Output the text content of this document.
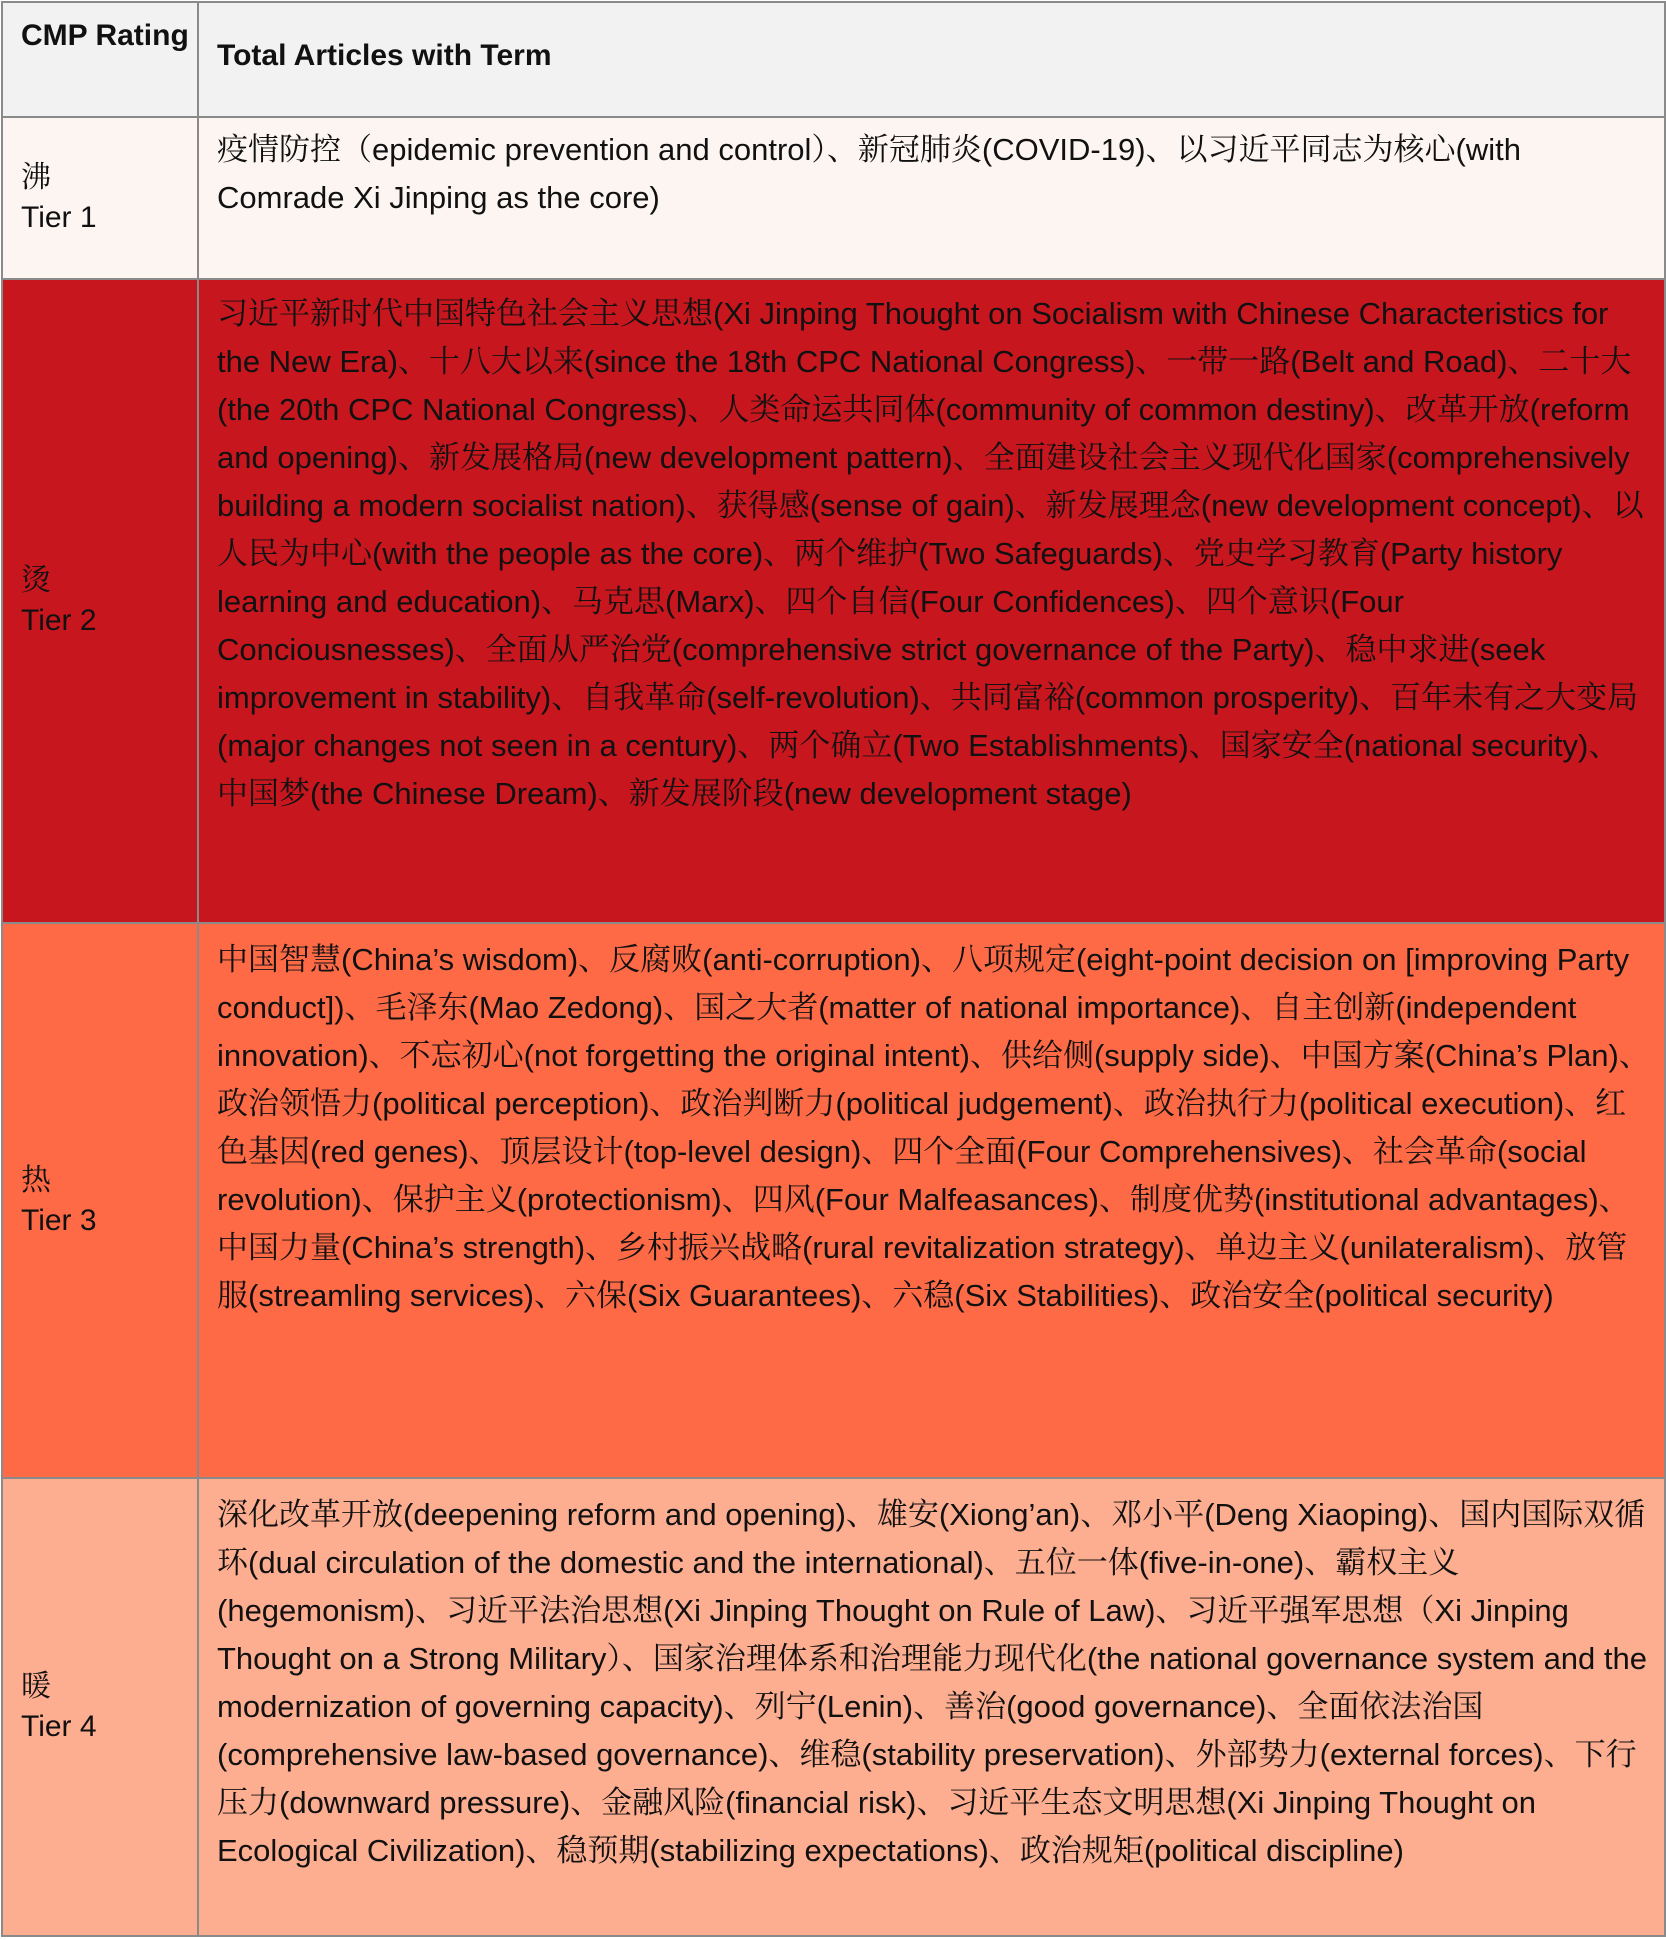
CMP Rating	Total Articles with Term

沸
Tier 1	疫情防控（epidemic prevention and control）、新冠肺炎(COVID-19)、以习近平同志为核心(with Comrade Xi Jinping as the core)

烫
Tier 2	习近平新时代中国特色社会主义思想(Xi Jinping Thought on Socialism with Chinese Characteristics for the New Era)、十八大以来(since the 18th CPC National Congress)、一带一路(Belt and Road)、二十大(the 20th CPC National Congress)、人类命运共同体(community of common destiny)、改革开放(reform and opening)、新发展格局(new development pattern)、全面建设社会主义现代化国家(comprehensively building a modern socialist nation)、获得感(sense of gain)、新发展理念(new development concept)、以人民为中心(with the people as the core)、两个维护(Two Safeguards)、党史学习教育(Party history learning and education)、马克思(Marx)、四个自信(Four Confidences)、四个意识(Four Conciousnesses)、全面从严治党(comprehensive strict governance of the Party)、稳中求进(seek improvement in stability)、自我革命(self-revolution)、共同富裕(common prosperity)、百年未有之大变局(major changes not seen in a century)、两个确立(Two Establishments)、国家安全(national security)、中国梦(the Chinese Dream)、新发展阶段(new development stage)

热
Tier 3	中国智慧(China’s wisdom)、反腐败(anti-corruption)、八项规定(eight-point decision on [improving Party conduct])、毛泽东(Mao Zedong)、国之大者(matter of national importance)、自主创新(independent innovation)、不忘初心(not forgetting the original intent)、供给侧(supply side)、中国方案(China’s Plan)、政治领悟力(political perception)、政治判断力(political judgement)、政治执行力(political execution)、红色基因(red genes)、顶层设计(top-level design)、四个全面(Four Comprehensives)、社会革命(social revolution)、保护主义(protectionism)、四风(Four Malfeasances)、制度优势(institutional advantages)、中国力量(China’s strength)、乡村振兴战略(rural revitalization strategy)、单边主义(unilateralism)、放管服(streamling services)、六保(Six Guarantees)、六稳(Six Stabilities)、政治安全(political security)

暖
Tier 4	深化改革开放(deepening reform and opening)、雄安(Xiong’an)、邓小平(Deng Xiaoping)、国内国际双循环(dual circulation of the domestic and the international)、五位一体(five-in-one)、霸权主义(hegemonism)、习近平法治思想(Xi Jinping Thought on Rule of Law)、习近平强军思想（Xi Jinping Thought on a Strong Military）、国家治理体系和治理能力现代化(the national governance system and the modernization of governing capacity)、列宁(Lenin)、善治(good governance)、全面依法治国(comprehensive law-based governance)、维稳(stability preservation)、外部势力(external forces)、下行压力(downward pressure)、金融风险(financial risk)、习近平生态文明思想(Xi Jinping Thought on Ecological Civilization)、稳预期(stabilizing expectations)、政治规矩(political discipline)
